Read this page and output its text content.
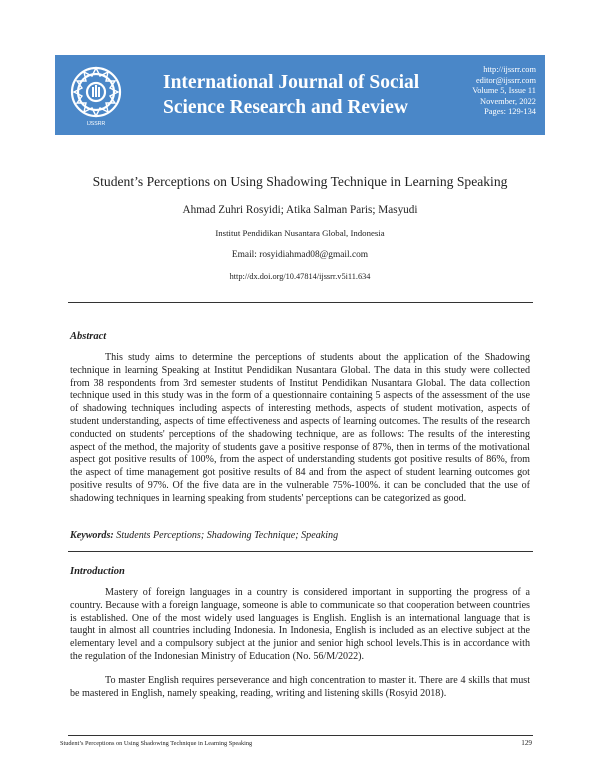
IJSSRR
International Journal of Social Science Research and Review
http://ijssrr.com
editor@ijssrr.com
Volume 5, Issue 11
November, 2022
Pages: 129-134
Student’s Perceptions on Using Shadowing Technique in Learning Speaking
Ahmad Zuhri Rosyidi; Atika Salman Paris; Masyudi
Institut Pendidikan Nusantara Global, Indonesia
Email: rosyidiahmad08@gmail.com
http://dx.doi.org/10.47814/ijssrr.v5i11.634
Abstract

This study aims to determine the perceptions of students about the application of the Shadowing technique in learning Speaking at Institut Pendidikan Nusantara Global. The data in this study were collected from 38 respondents from 3rd semester students of Institut Pendidikan Nusantara Global. The data collection technique used in this study was in the form of a questionnaire containing 5 aspects of the assessment of the use of shadowing techniques including aspects of interesting methods, aspects of student motivation, aspects of student understanding, aspects of time effectiveness and aspects of learning outcomes. The results of the research conducted on students' perceptions of the shadowing technique, are as follows: The results of the interesting aspect of the method, the majority of students gave a positive response of 87%, then in terms of the motivational aspect got positive results of 100%, from the aspect of understanding students got positive results of 86%, from the aspect of time management got positive results of 84 and from the aspect of student learning outcomes got positive results of 97%. Of the five data are in the vulnerable 75%-100%. it can be concluded that the use of shadowing techniques in learning speaking from students' perceptions can be categorized as good.

Keywords: Students Perceptions; Shadowing Technique; Speaking
Introduction

Mastery of foreign languages in a country is considered important in supporting the progress of a country. Because with a foreign language, someone is able to communicate so that cooperation between countries is established. One of the most widely used languages is English. English is an international language that is taught in almost all countries including Indonesia. In Indonesia, English is included as an elective subject at the elementary level and a compulsory subject at the junior and senior high school levels.This is in accordance with the regulation of the Indonesian Ministry of Education (No. 56/M/2022).

To master English requires perseverance and high concentration to master it. There are 4 skills that must be mastered in English, namely speaking, reading, writing and listening skills (Rosyid 2018).

Student’s Perceptions on Using Shadowing Technique in Learning Speaking	129
